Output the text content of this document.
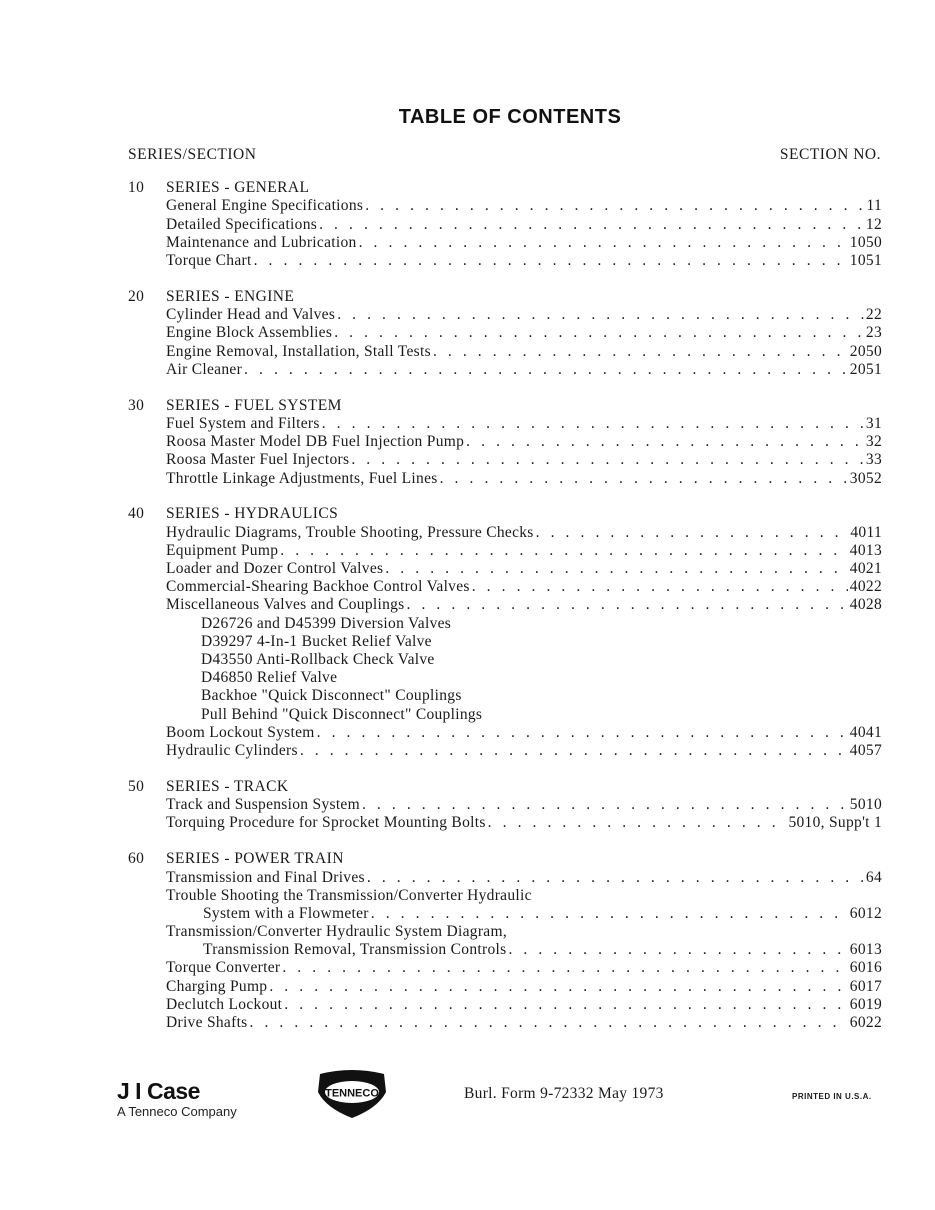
TABLE OF CONTENTS
SERIES/SECTION	SECTION NO.
10	SERIES - GENERAL
General Engine Specifications . . .	11
Detailed Specifications . . .	12
Maintenance and Lubrication . . .	1050
Torque Chart . . .	1051
20	SERIES - ENGINE
Cylinder Head and Valves . . .	22
Engine Block Assemblies . . .	23
Engine Removal, Installation, Stall Tests . . .	2050
Air Cleaner . . .	2051
30	SERIES - FUEL SYSTEM
Fuel System and Filters . . .	31
Roosa Master Model DB Fuel Injection Pump . . .	32
Roosa Master Fuel Injectors . . .	33
Throttle Linkage Adjustments, Fuel Lines . . .	3052
40	SERIES - HYDRAULICS
Hydraulic Diagrams, Trouble Shooting, Pressure Checks . . .	4011
Equipment Pump . . .	4013
Loader and Dozer Control Valves . . .	4021
Commercial-Shearing Backhoe Control Valves . . .	4022
Miscellaneous Valves and Couplings . . .	4028
D26726 and D45399 Diversion Valves
D39297 4-In-1 Bucket Relief Valve
D43550 Anti-Rollback Check Valve
D46850 Relief Valve
Backhoe "Quick Disconnect" Couplings
Pull Behind "Quick Disconnect" Couplings
Boom Lockout System . . .	4041
Hydraulic Cylinders . . .	4057
50	SERIES - TRACK
Track and Suspension System . . .	5010
Torquing Procedure for Sprocket Mounting Bolts . . .	5010, Supp't 1
60	SERIES - POWER TRAIN
Transmission and Final Drives . . .	64
Trouble Shooting the Transmission/Converter Hydraulic
System with a Flowmeter . . .	6012
Transmission/Converter Hydraulic System Diagram,
Transmission Removal, Transmission Controls . . .	6013
Torque Converter . . .	6016
Charging Pump . . .	6017
Declutch Lockout . . .	6019
Drive Shafts . . .	6022
J I Case
A Tenneco Company
TENNECO	Burl. Form 9-72332 May 1973	PRINTED IN U.S.A.
